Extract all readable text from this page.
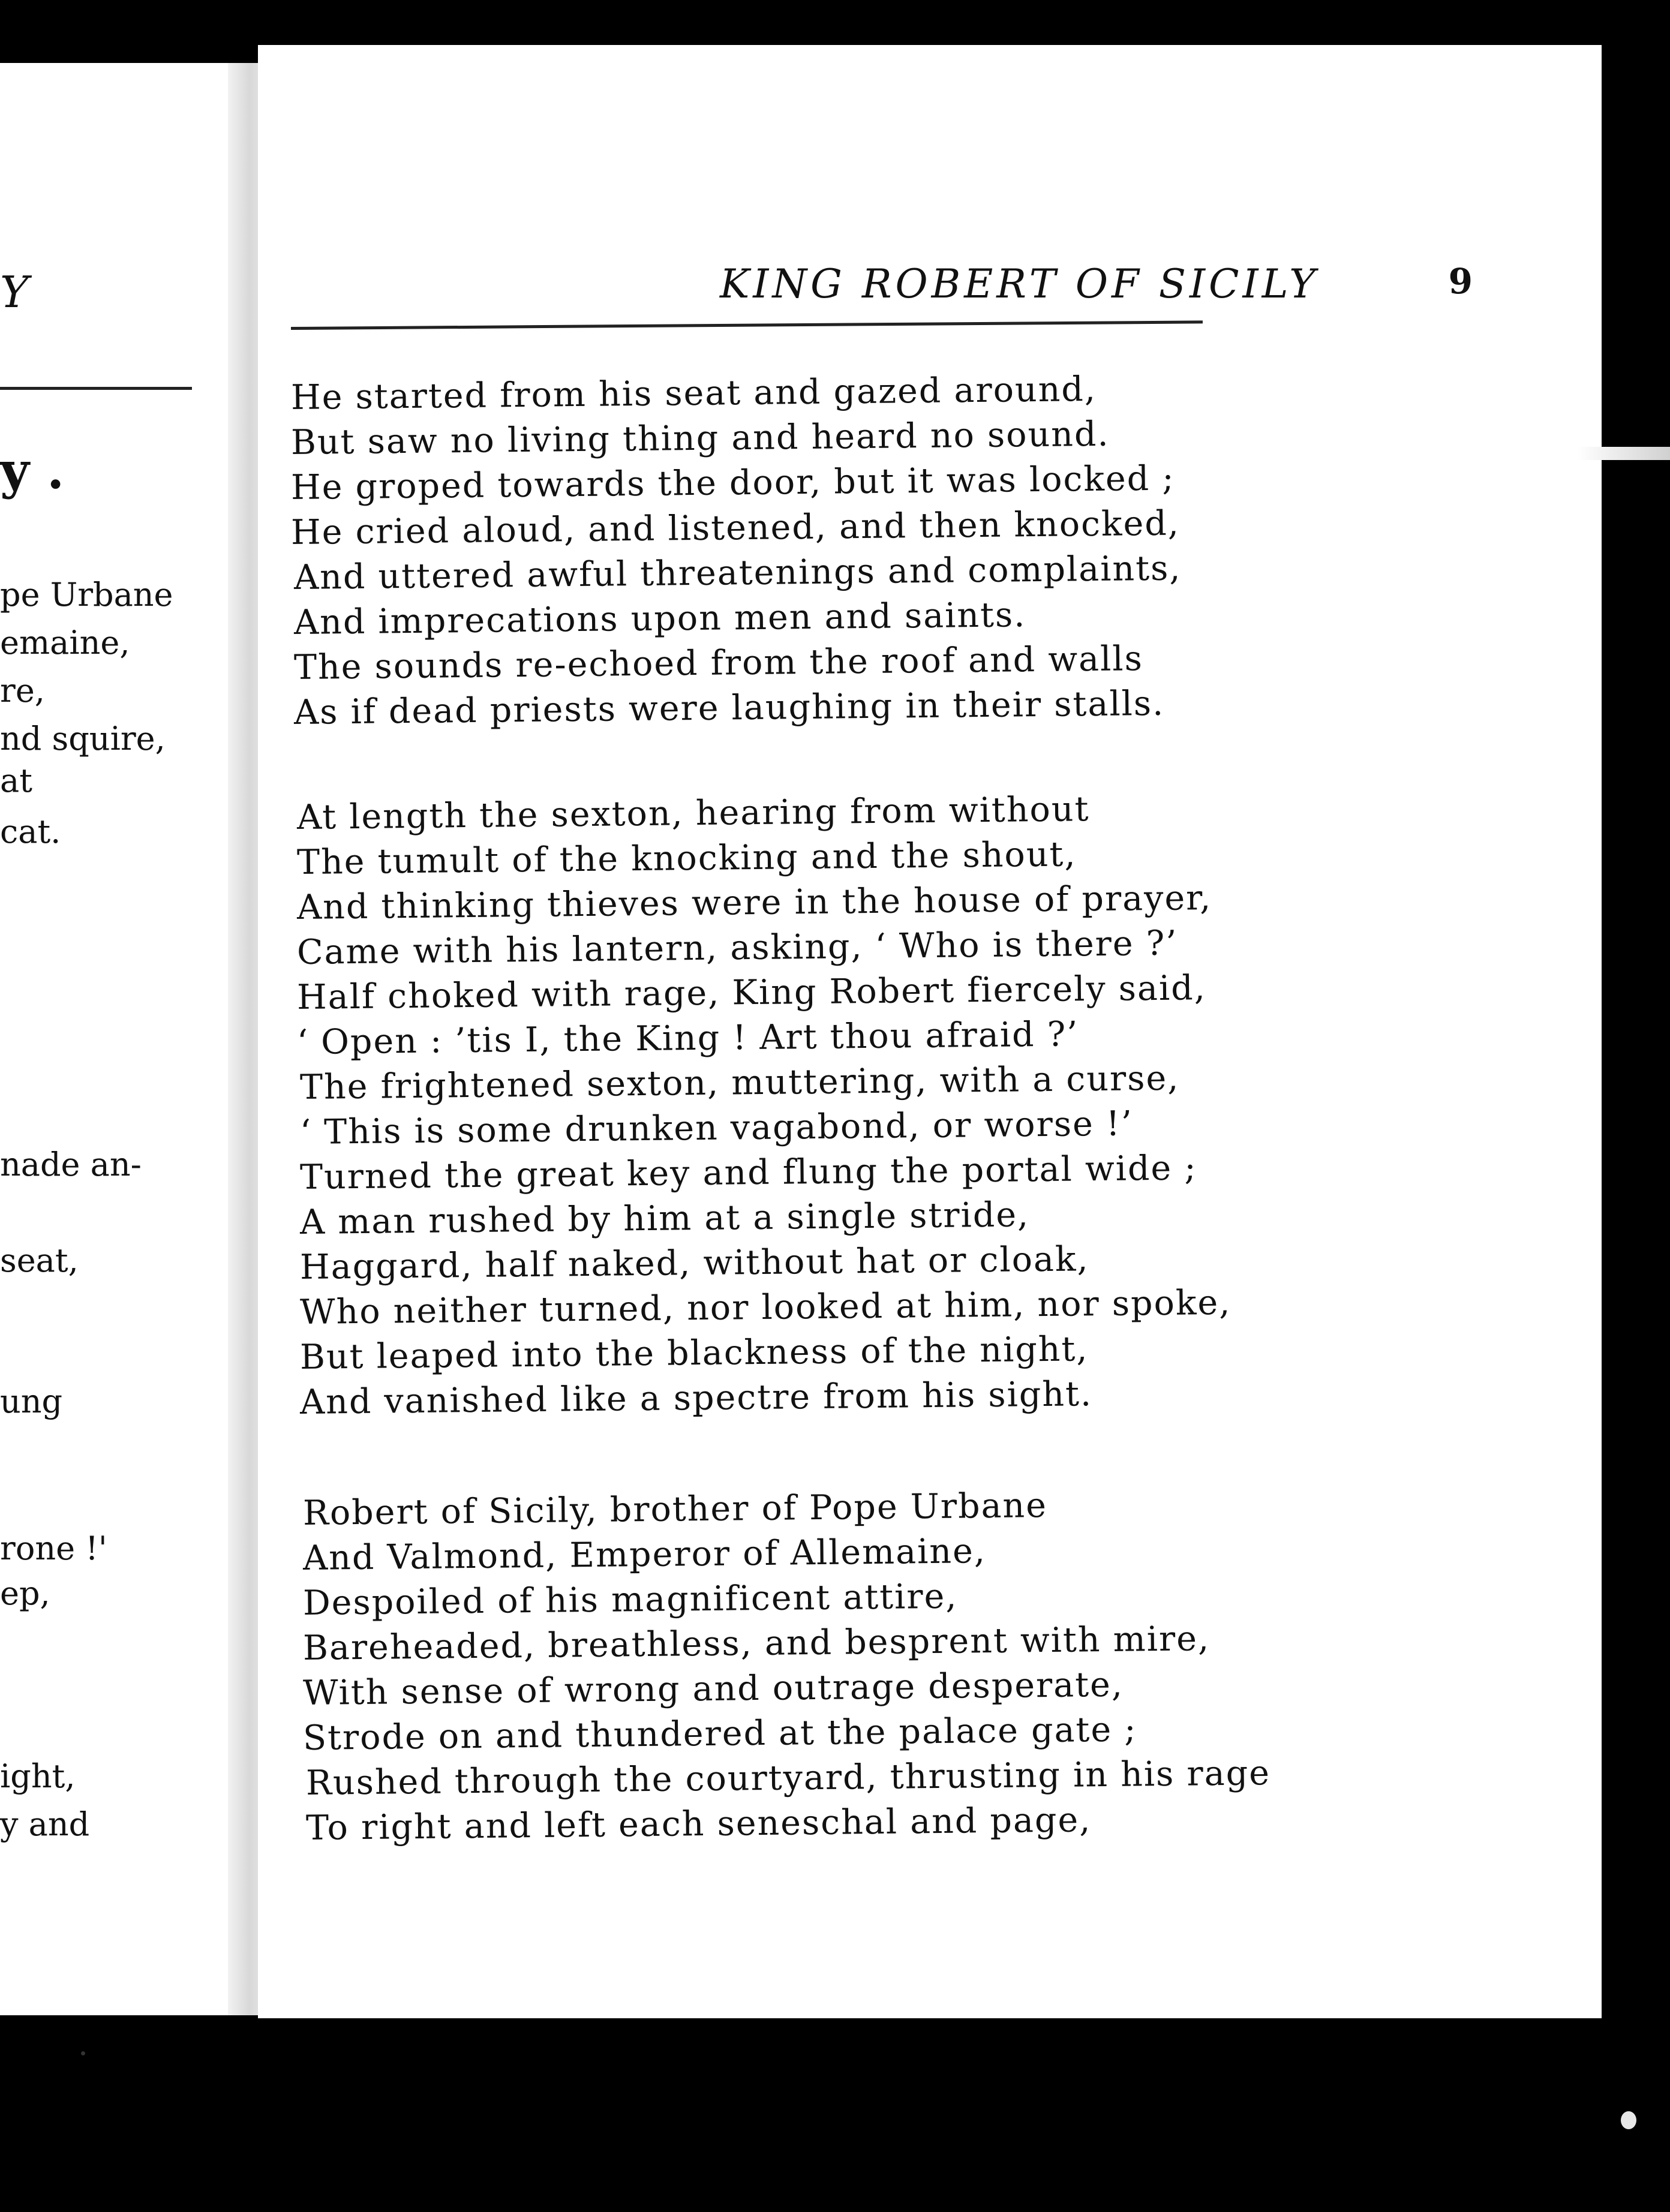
Y
y .
pe Urbane
emaine,
re,
nd squire,
at
cat.
nade an-
seat,
ung
rone !'
ep,
ight,
y and
KING ROBERT OF SICILY	9
He started from his seat and gazed around,
But saw no living thing and heard no sound.
He groped towards the door, but it was locked ;
He cried aloud, and listened, and then knocked,
And uttered awful threatenings and complaints,
And imprecations upon men and saints.
The sounds re-echoed from the roof and walls
As if dead priests were laughing in their stalls.
At length the sexton, hearing from without
The tumult of the knocking and the shout,
And thinking thieves were in the house of prayer,
Came with his lantern, asking, ‘ Who is there ?’
Half choked with rage, King Robert fiercely said,
‘ Open : ’tis I, the King ! Art thou afraid ?’
The frightened sexton, muttering, with a curse,
‘ This is some drunken vagabond, or worse !’
Turned the great key and flung the portal wide ;
A man rushed by him at a single stride,
Haggard, half naked, without hat or cloak,
Who neither turned, nor looked at him, nor spoke,
But leaped into the blackness of the night,
And vanished like a spectre from his sight.
Robert of Sicily, brother of Pope Urbane
And Valmond, Emperor of Allemaine,
Despoiled of his magnificent attire,
Bareheaded, breathless, and besprent with mire,
With sense of wrong and outrage desperate,
Strode on and thundered at the palace gate ;
Rushed through the courtyard, thrusting in his rage
To right and left each seneschal and page,
